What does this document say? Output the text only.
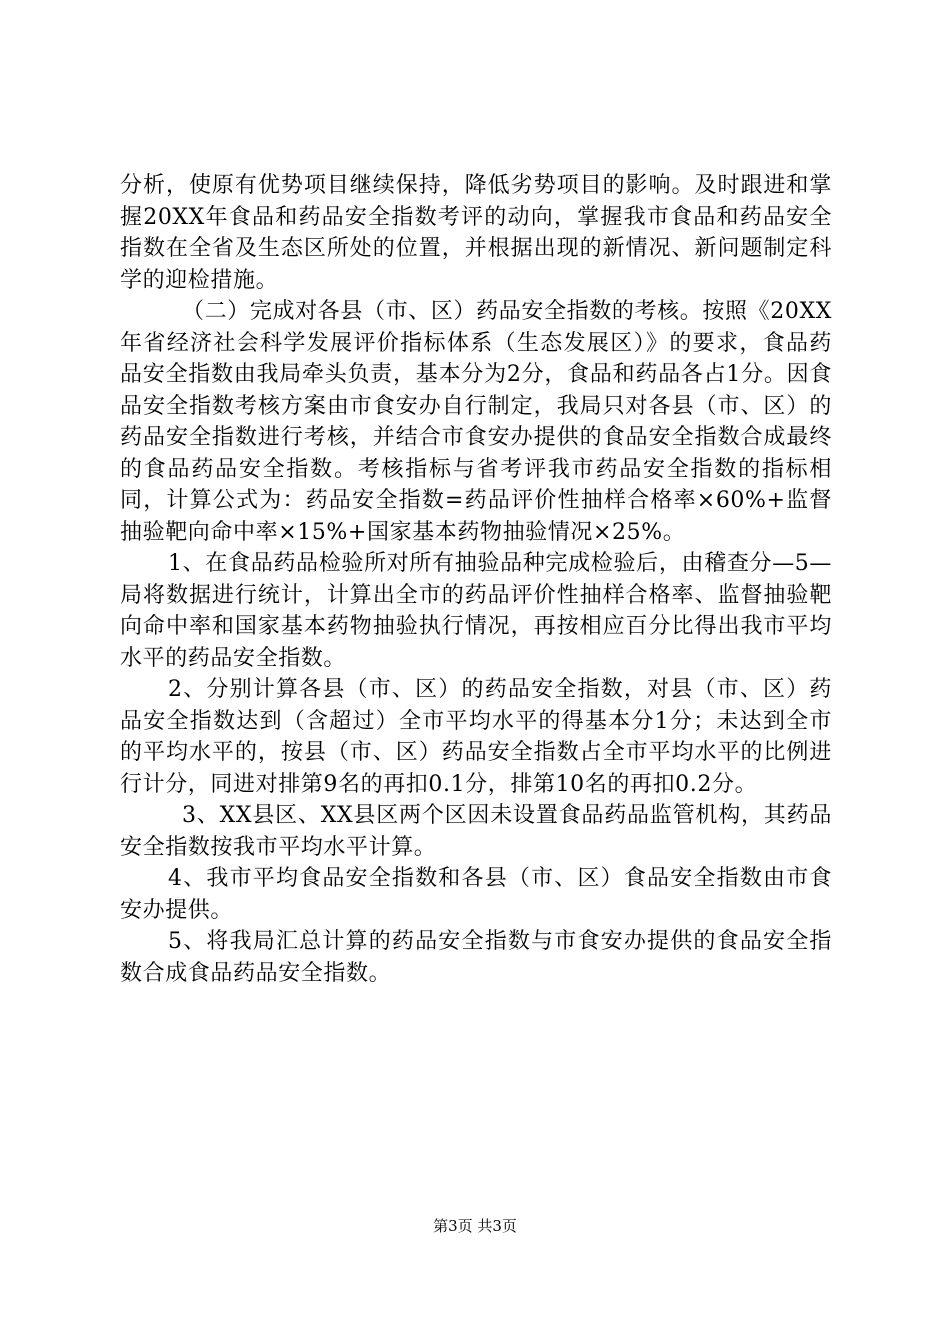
分析，使原有优势项目继续保持，降低劣势项目的影响。及时跟进和掌握20XX年食品和药品安全指数考评的动向，掌握我市食品和药品安全指数在全省及生态区所处的位置，并根据出现的新情况、新问题制定科学的迎检措施。

（二）完成对各县（市、区）药品安全指数的考核。按照《20XX年省经济社会科学发展评价指标体系（生态发展区）》的要求，食品药品安全指数由我局牵头负责，基本分为2分，食品和药品各占1分。因食品安全指数考核方案由市食安办自行制定，我局只对各县（市、区）的药品安全指数进行考核，并结合市食安办提供的食品安全指数合成最终的食品药品安全指数。考核指标与省考评我市药品安全指数的指标相同，计算公式为：药品安全指数=药品评价性抽样合格率×60%+监督抽验靶向命中率×15%+国家基本药物抽验情况×25%。

1、在食品药品检验所对所有抽验品种完成检验后，由稽查分—5—局将数据进行统计，计算出全市的药品评价性抽样合格率、监督抽验靶向命中率和国家基本药物抽验执行情况，再按相应百分比得出我市平均水平的药品安全指数。

2、分别计算各县（市、区）的药品安全指数，对县（市、区）药品安全指数达到（含超过）全市平均水平的得基本分1分；未达到全市的平均水平的，按县（市、区）药品安全指数占全市平均水平的比例进行计分，同进对排第9名的再扣0.1分，排第10名的再扣0.2分。

3、XX县区、XX县区两个区因未设置食品药品监管机构，其药品安全指数按我市平均水平计算。

4、我市平均食品安全指数和各县（市、区）食品安全指数由市食安办提供。

5、将我局汇总计算的药品安全指数与市食安办提供的食品安全指数合成食品药品安全指数。

第3页 共3页
